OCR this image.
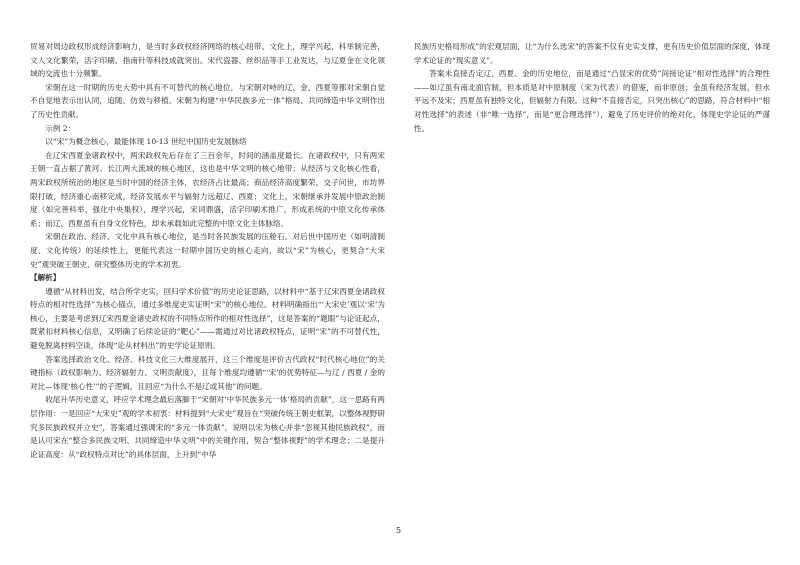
贸易对周边政权形成经济影响力，是当时多政权经济网络的核心纽带。文化上，理学兴起，科举制完善，文人文化繁荣，活字印刷、指南针等科技成就突出。宋代瓷器、丝织品等手工业发达，与辽夏金在文化领域的交流也十分频繁。

宋朝在这一时期的历史大势中具有不可替代的核心地位，与宋朝对峙的辽、金、西夏等都对宋朝自觉不自觉地表示出认同，追随、仿效与移植。宋朝为构建“中华民族多元一体”格局、共同缔造中华文明作出了历史性贡献。

示例 2：

以“宋”为概念核心，最能体现 10-13 世纪中国历史发展脉络

在辽宋西夏金诸政权中，两宋政权先后存在了三百余年，时间的涵盖度最长。在诸政权中，只有两宋王朝一直占据了黄河、长江两大流域的核心地区，这也是中华文明的核心地带；从经济与文化核心性看，两宋政权所统治的地区是当时中国的经济主体，农经济占比最高；商品经济高度繁荣，交子问世，市坊界限打破，经济重心南移完成，经济发展水平与辐射力远超辽、西夏；文化上，宋朝继承并发展中原政治制度（如完善科举、强化中央集权），理学兴起，宋词鼎盛，活字印刷术推广，形成系统的中原文化传承体系；而辽、西夏虽有自身文化特色，却未承载如此完整的中原文化主体脉络。

宋朝在政治、经济、文化中具有核心地位，是当时各民族发展的压舱石。对后世中国历史（如明清制度、文化传统）的延续性上，更能代表这一时期中国历史的核心走向，故以“宋”为核心，更契合“大宋史”观突破王朝史、研究整体历史的学术初衷。

【解析】

遵循“从材料出发，结合所学史实，回归学术价值”的历史论证思路，以材料中“基于辽宋西夏金诸政权特点的相对性选择”为核心锚点，通过多维度史实证明“宋”的核心地位。材料明确指出“‘大宋史’观以‘宋’为核心，主要是考虑到辽宋西夏金诸史政权的不同特点所作的相对性选择”，这是答案的“题眼”与论证起点，既紧扣材料核心信息，又明确了后续论证的“靶心”——需通过对比诸政权特点，证明“宋”的不可替代性，避免脱离材料空谈，体现“论从材料出”的史学论证原则。

答案选择政治文化、经济、科技文化三大维度展开，这三个维度是评价古代政权“时代核心地位”的关键指标（政权影响力、经济辐射力、文明贡献度），且每个维度均遵循“‘宋’的优势特征—与辽 / 西夏 / 金的对比—体现‘核心性’”的子逻辑，且回应“为什么不是辽或其他”的问题。

收尾升华历史意义，呼应学术理念最后落脚于“宋朝对‘中华民族多元一体’格局的贡献”，这一思路有两层作用：一是回应“大宋史”观的学术初衷：材料提到“大宋史”观旨在“突破传统王朝史框架，以整体视野研究多民族政权并立史”，答案通过强调宋的“多元一体贡献”，说明以宋为核心并非“忽视其他民族政权”，而是认可宋在“整合多民族文明、共同缔造中华文明”中的关键作用，契合“整体视野”的学术理念；二是提升论证高度：从“政权特点对比”的具体层面，上升到“中华

民族历史格局形成”的宏观层面，让“为什么选宋”的答案不仅有史实支撑，更有历史价值层面的深度，体现学术论证的“现实意义”。

答案未直接否定辽、西夏、金的历史地位，而是通过“凸显宋的优势”间接论证“相对性选择”的合理性——如辽虽有南北面官制，但本质是对中原制度（宋为代表）的借鉴，而非原创；金虽有经济发展，但水平远不及宋；西夏虽有独特文化，但辐射力有限。这种“不直接否定，只突出核心”的思路，符合材料中“相对性选择”的表述（非“唯一选择”，而是“更合理选择”），避免了历史评价的绝对化，体现史学论证的严谨性。

5
